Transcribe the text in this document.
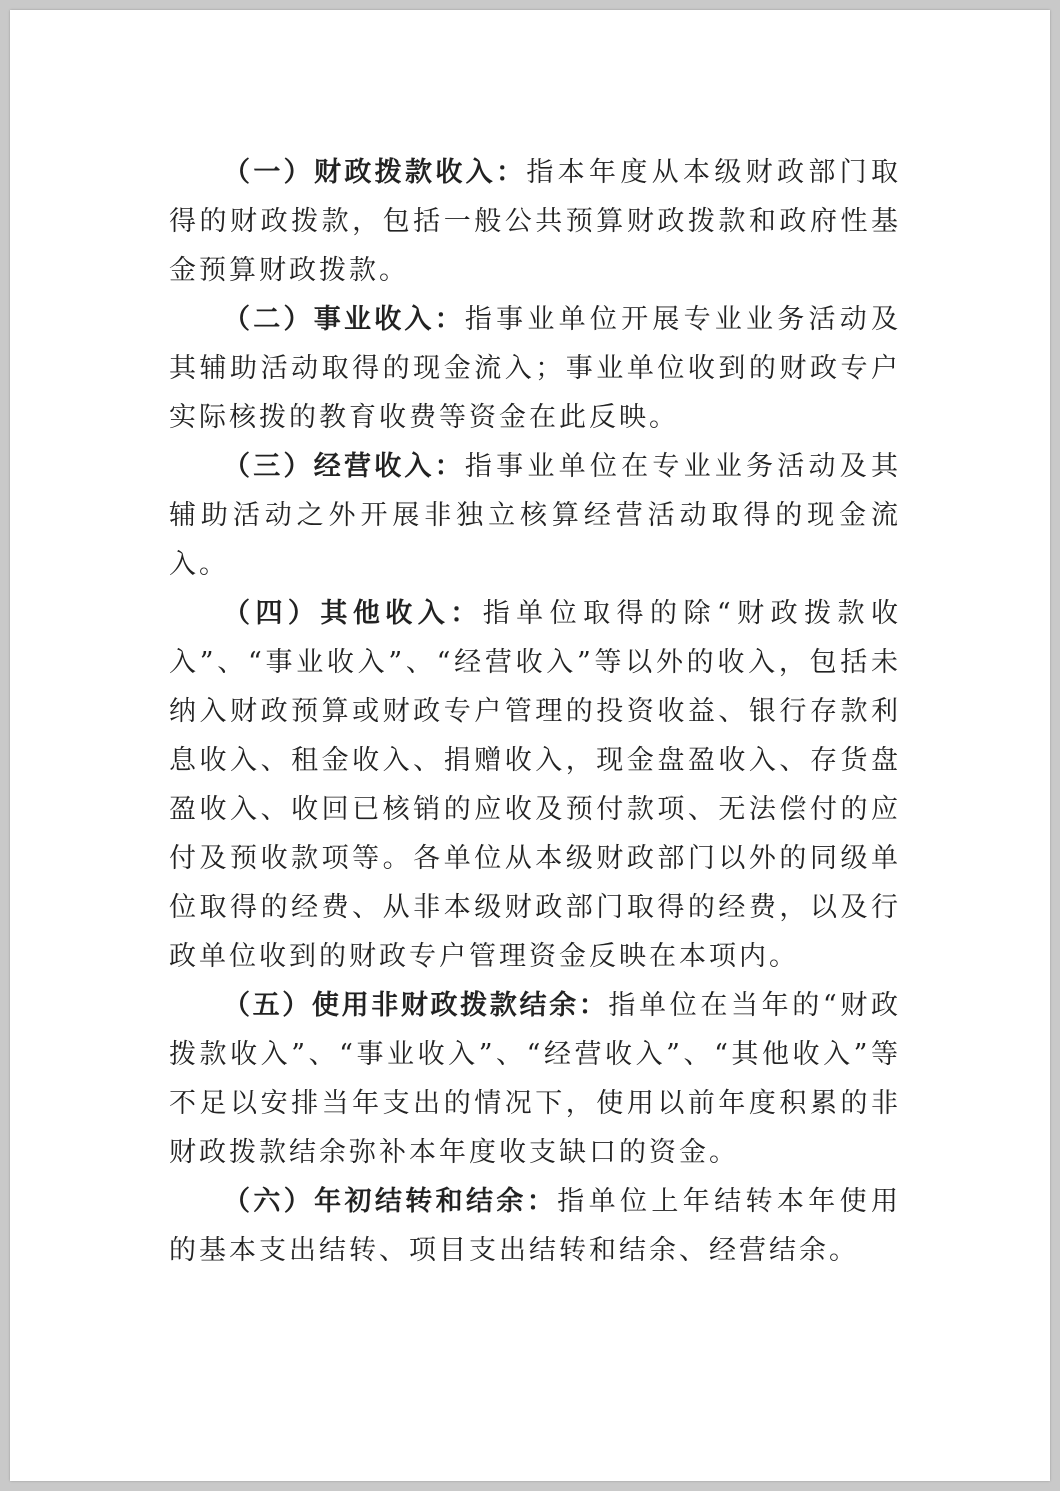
（一）财政拨款收入：指本年度从本级财政部门取得的财政拨款，包括一般公共预算财政拨款和政府性基金预算财政拨款。

（二）事业收入：指事业单位开展专业业务活动及其辅助活动取得的现金流入；事业单位收到的财政专户实际核拨的教育收费等资金在此反映。

（三）经营收入：指事业单位在专业业务活动及其辅助活动之外开展非独立核算经营活动取得的现金流入。

（四）其他收入：指单位取得的除“财政拨款收入”、“事业收入”、“经营收入”等以外的收入，包括未纳入财政预算或财政专户管理的投资收益、银行存款利息收入、租金收入、捐赠收入，现金盘盈收入、存货盘盈收入、收回已核销的应收及预付款项、无法偿付的应付及预收款项等。各单位从本级财政部门以外的同级单位取得的经费、从非本级财政部门取得的经费，以及行政单位收到的财政专户管理资金反映在本项内。

（五）使用非财政拨款结余：指单位在当年的“财政拨款收入”、“事业收入”、“经营收入”、“其他收入”等不足以安排当年支出的情况下，使用以前年度积累的非财政拨款结余弥补本年度收支缺口的资金。

（六）年初结转和结余：指单位上年结转本年使用的基本支出结转、项目支出结转和结余、经营结余。
